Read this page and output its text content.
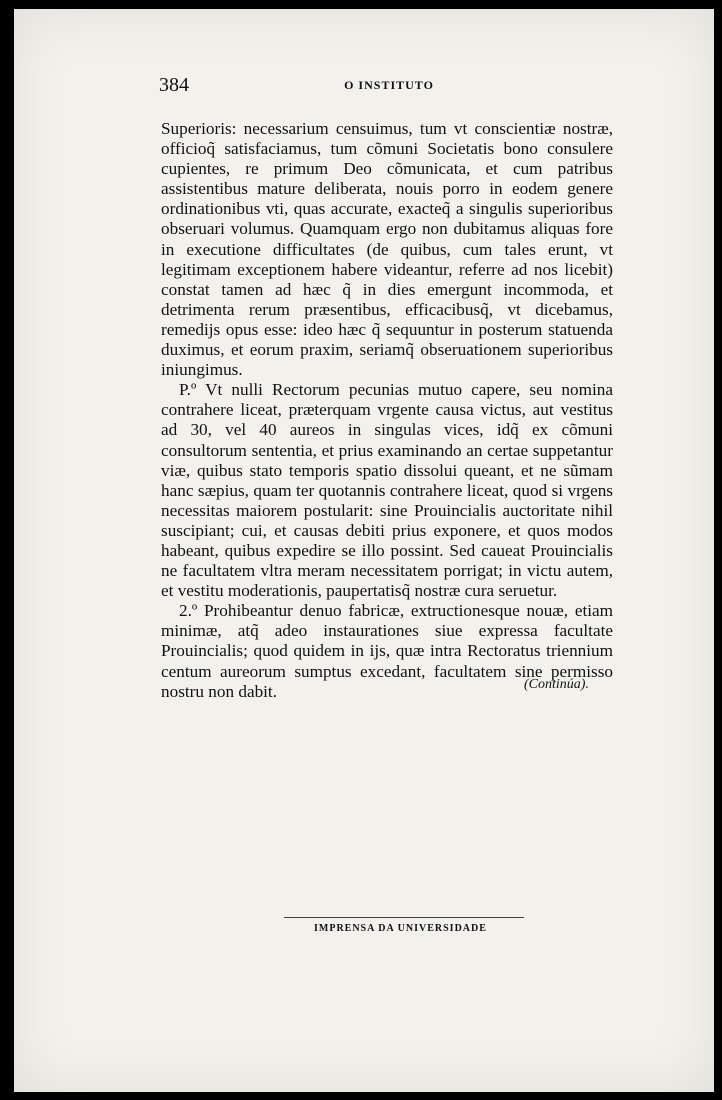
384	O INSTITUTO

Superioris: necessarium censuimus, tum vt conscientiæ nostræ, officioq̃ satisfaciamus, tum cõmuni Societatis bono consulere cupientes, re primum Deo cõmunicata, et cum patribus assistentibus mature deliberata, nouis porro in eodem genere ordinationibus vti, quas accurate, exacteq̃ a singulis superioribus obseruari volumus. Quamquam ergo non dubitamus aliquas fore in executione difficultates (de quibus, cum tales erunt, vt legitimam exceptionem habere videantur, referre ad nos licebit) constat tamen ad hæc q̃ in dies emergunt incommoda, et detrimenta rerum præsentibus, efficacibusq̃, vt dicebamus, remedijs opus esse: ideo hæc q̃ sequuntur in posterum statuenda duximus, et eorum praxim, seriamq̃ obseruationem superioribus iniungimus.

P.º Vt nulli Rectorum pecunias mutuo capere, seu nomina contrahere liceat, præterquam vrgente causa victus, aut vestitus ad 30, vel 40 aureos in singulas vices, idq̃ ex cõmuni consultorum sententia, et prius examinando an certae suppetantur viæ, quibus stato temporis spatio dissolui queant, et ne sũmam hanc sæpius, quam ter quotannis contrahere liceat, quod si vrgens necessitas maiorem postularit: sine Prouincialis auctoritate nihil suscipiant; cui, et causas debiti prius exponere, et quos modos habeant, quibus expedire se illo possint. Sed caueat Prouincialis ne facultatem vltra meram necessitatem porrigat; in victu autem, et vestitu moderationis, paupertatisq̃ nostræ cura seruetur.

2.º Prohibeantur denuo fabricæ, extructionesque nouæ, etiam minimæ, atq̃ adeo instaurationes siue expressa facultate Prouincialis; quod quidem in ijs, quæ intra Rectoratus triennium centum aureorum sumptus excedant, facultatem sine permisso nostru non dabit.	(Continúa).
IMPRENSA DA UNIVERSIDADE
